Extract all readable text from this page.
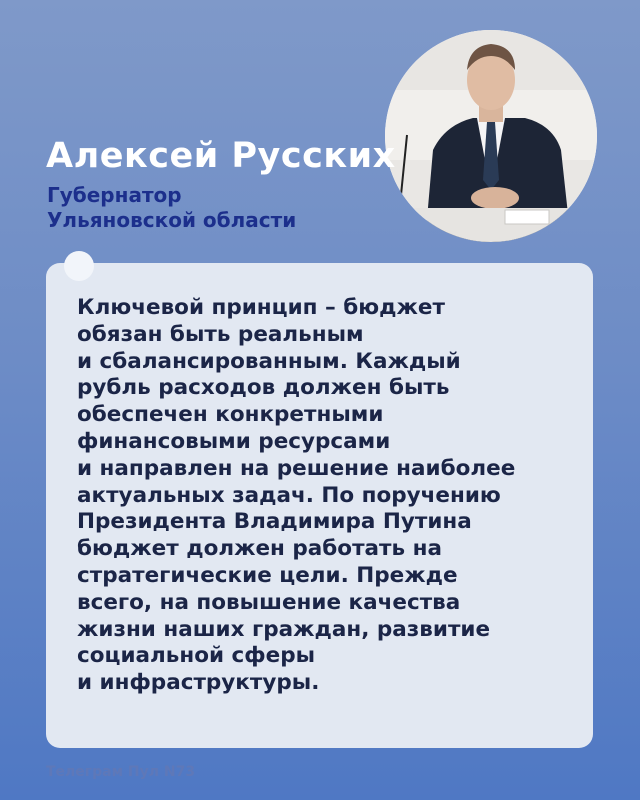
Алексей Русских
Губернатор
Ульяновской области

Ключевой принцип – бюджет
обязан быть реальным
и сбалансированным. Каждый
рубль расходов должен быть
обеспечен конкретными
финансовыми ресурсами
и направлен на решение наиболее
актуальных задач. По поручению
Президента Владимира Путина
бюджет должен работать на
стратегические цели. Прежде
всего, на повышение качества
жизни наших граждан, развитие
социальной сферы
и инфраструктуры.

Телеграм Пул N73
